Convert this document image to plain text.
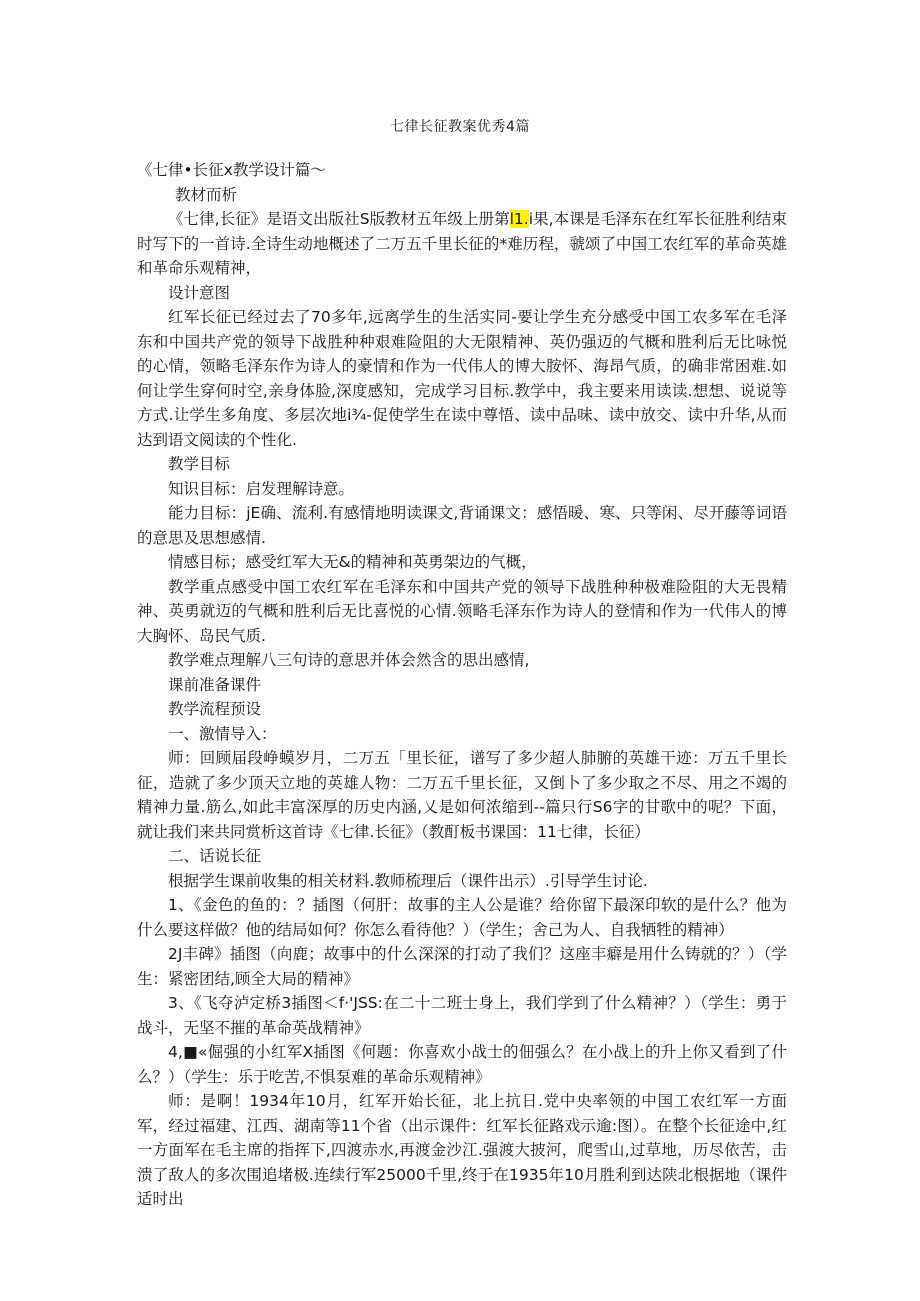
七律长征教案优秀4篇

《七律•长征x教学设计篇〜

教材而析

《七律,长征》是语文出版社S版教材五年级上册第l1.i果,本课是毛泽东在红军长征胜利结束时写下的一首诗.全诗生动地概述了二万五千里长征的*难历程，虢颂了中国工农红军的革命英雄和革命乐观精神，

设计意图

红军长征已经过去了70多年,远离学生的生活实同-要让学生充分感受中国工农多军在毛泽东和中国共产党的领导下战胜种种艰难险阻的大无限精神、英仍强迈的气概和胜利后无比咏悦的心情，领略毛泽东作为诗人的豪情和作为一代伟人的博大胺怀、海昂气质，的确非常困难.如何让学生穿何时空,亲身体脸,深度感知，完成学习目标.教学中，我主要来用读读.想想、说说等方式.让学生多角度、多层次地i¾-促使学生在读中尊悟、读中品味、读中放交、读中升华,从而达到语文阅读的个性化.

教学目标

知识目标：启发理解诗意。

能力目标：jE确、流利.有感情地明读课文,背诵课文：感悟暖、寒、只等闲、尽开藤等词语的意思及思想感情.

情感目标；感受红军大无&的精神和英勇架边的气概，

教学重点感受中国工农红军在毛泽东和中国共产党的领导下战胜种种极难险阻的大无畏精神、英勇就迈的气概和胜利后无比喜悦的心情.领略毛泽东作为诗人的登情和作为一代伟人的博大胸怀、岛民气质.

教学难点理解八三句诗的意思并体会然含的思出感情,

课前准备课件

教学流程预设

一、激情导入：

师：回顾届段峥蟆岁月，二万五「里长征，谱写了多少超人肺腑的英雄干迹：万五千里长征，造就了多少顶天立地的英雄人物：二万五千里长征，又倒卜了多少取之不尽、用之不竭的精神力量.筋么,如此丰富深厚的历史内涵,乂是如何浓缩到--篇只行S6字的甘歌中的呢？下面，就让我们来共同赏析这首诗《七律.长征》（教酊板书课国：11七律，长征）

二、话说长征

根据学生课前收集的相关材料.教师梳理后（课件出示）.引导学生讨论.

1、《金色的鱼的：？插图（何肝：故事的主人公是谁？给你留下最深印软的是什么？他为什么要这样做？他的结局如何？你怎么看待他？）（学生；舍己为人、自我牺牲的精神）

2J丰碑》插图（向鹿；故事中的什么深深的打动了我们？这座丰癖是用什么铸就的？）（学生：紧密团结,顾全大局的精神》

3、《飞夺泸定桥3插图＜f·'JSS:在二十二班士身上，我们学到了什么精神？）（学生：勇于战斗，无坚不摧的革命英战精神》

4,■«倔强的小红军X插图《何题：你喜欢小战士的佃强么？在小战上的升上你又看到了什么？）（学生：乐于吃苦,不惧泵难的革命乐观精神》

师：是啊！1934年10月，红军开始长征，北上抗日.党中央率领的中国工农红军一方面军，经过福建、江西、湖南等11个省（出示课件：红军长征路戏示逾:图）。在整个长征途中,红一方面军在毛主席的指挥下,四渡赤水,再渡金沙江.强渡大披河，爬雪山,过草地，历尽依苦，击溃了敌人的多次围追堵极.连续行军25000千里,终于在1935年10月胜利到达陕北根据地（课件适时出
